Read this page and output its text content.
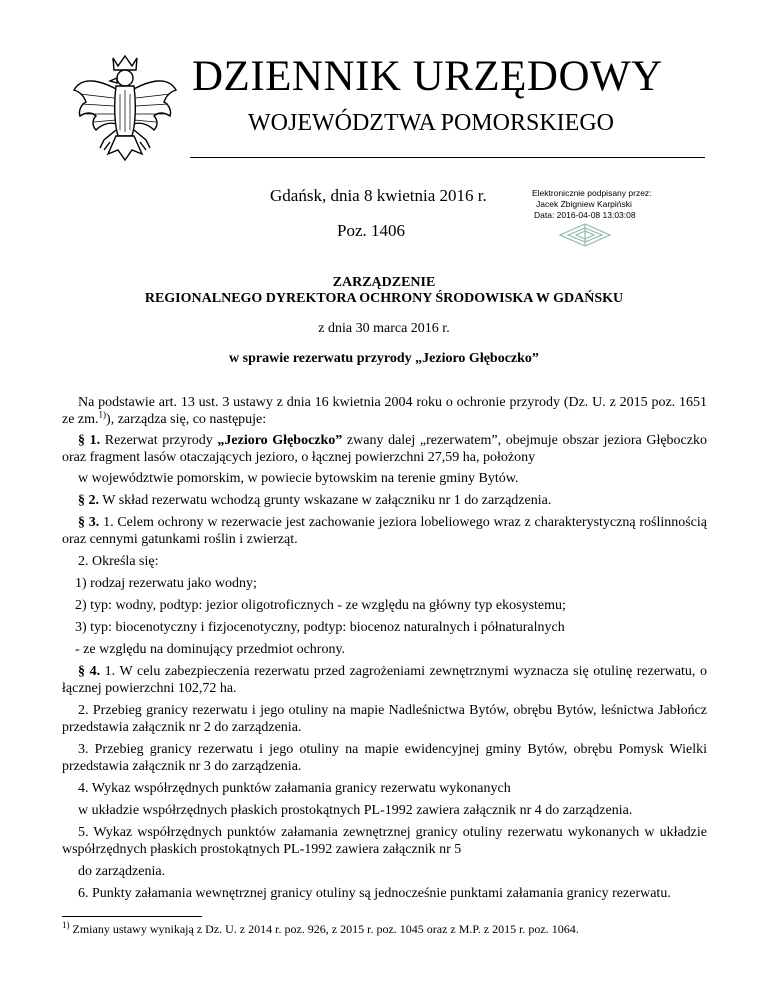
DZIENNIK URZĘDOWY
WOJEWÓDZTWA POMORSKIEGO
Gdańsk, dnia 8 kwietnia 2016 r.
Poz. 1406
Elektronicznie podpisany przez:
Jacek Zbigniew Karpiński
Data: 2016-04-08 13:03:08
ZARZĄDZENIE
REGIONALNEGO DYREKTORA OCHRONY ŚRODOWISKA W GDAŃSKU
z dnia 30 marca 2016 r.
w sprawie rezerwatu przyrody „Jezioro Głęboczko”
Na podstawie art. 13 ust. 3 ustawy z dnia 16 kwietnia 2004 roku o ochronie przyrody (Dz. U. z 2015 poz. 1651 ze zm.$^{1)}$), zarządza się, co następuje:
§ 1. Rezerwat przyrody „Jezioro Głęboczko” zwany dalej „rezerwatem”, obejmuje obszar jeziora Głęboczko oraz fragment lasów otaczających jezioro, o łącznej powierzchni 27,59 ha, położony
w województwie pomorskim, w powiecie bytowskim na terenie gminy Bytów.
§ 2. W skład rezerwatu wchodzą grunty wskazane w załączniku nr 1 do zarządzenia.
§ 3. 1. Celem ochrony w rezerwacie jest zachowanie jeziora lobeliowego wraz z charakterystyczną roślinnością oraz cennymi gatunkami roślin i zwierząt.
2. Określa się:
1) rodzaj rezerwatu jako wodny;
2) typ: wodny, podtyp: jezior oligotroficznych - ze względu na główny typ ekosystemu;
3) typ: biocenotyczny i fizjocenotyczny, podtyp: biocenoz naturalnych i półnaturalnych
- ze względu na dominujący przedmiot ochrony.
§ 4. 1. W celu zabezpieczenia rezerwatu przed zagrożeniami zewnętrznymi wyznacza się otulinę rezerwatu, o łącznej powierzchni 102,72 ha.
2. Przebieg granicy rezerwatu i jego otuliny na mapie Nadleśnictwa Bytów, obrębu Bytów, leśnictwa Jabłończ przedstawia załącznik nr 2 do zarządzenia.
3. Przebieg granicy rezerwatu i jego otuliny na mapie ewidencyjnej gminy Bytów, obrębu Pomysk Wielki przedstawia załącznik nr 3 do zarządzenia.
4. Wykaz współrzędnych punktów załamania granicy rezerwatu wykonanych
w układzie współrzędnych płaskich prostokątnych PL-1992 zawiera załącznik nr 4 do zarządzenia.
5. Wykaz współrzędnych punktów załamania zewnętrznej granicy otuliny rezerwatu wykonanych w układzie współrzędnych płaskich prostokątnych PL-1992 zawiera załącznik nr 5
do zarządzenia.
6. Punkty załamania wewnętrznej granicy otuliny są jednocześnie punktami załamania granicy rezerwatu.
$^{1)}$ Zmiany ustawy wynikają z Dz. U. z 2014 r. poz. 926, z 2015 r. poz. 1045 oraz z M.P. z 2015 r. poz. 1064.
